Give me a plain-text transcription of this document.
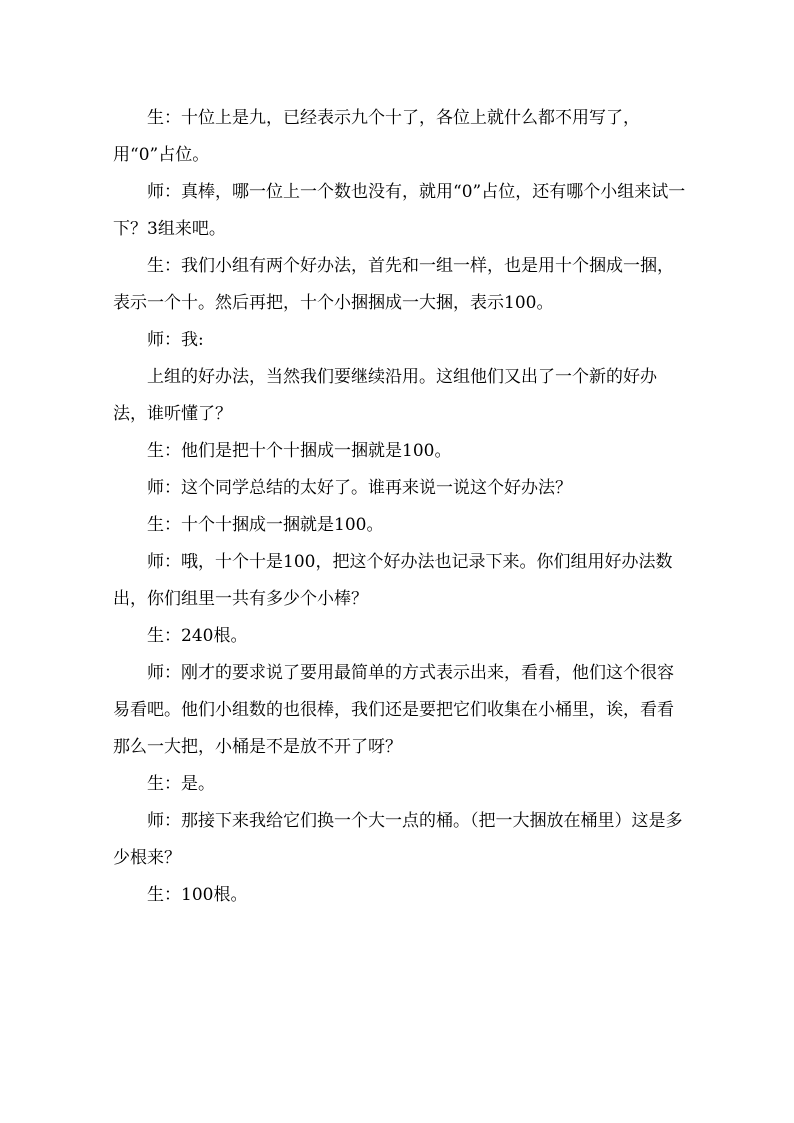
生：十位上是九，已经表示九个十了，各位上就什么都不用写了，用“0”占位。

师：真棒，哪一位上一个数也没有，就用“0”占位，还有哪个小组来试一下？3组来吧。

生：我们小组有两个好办法，首先和一组一样，也是用十个捆成一捆，表示一个十。然后再把，十个小捆捆成一大捆，表示100。

师：我:

上组的好办法，当然我们要继续沿用。这组他们又出了一个新的好办法，谁听懂了？

生：他们是把十个十捆成一捆就是100。

师：这个同学总结的太好了。谁再来说一说这个好办法？

生：十个十捆成一捆就是100。

师：哦，十个十是100，把这个好办法也记录下来。你们组用好办法数出，你们组里一共有多少个小棒？

生：240根。

师：刚才的要求说了要用最简单的方式表示出来，看看，他们这个很容易看吧。他们小组数的也很棒，我们还是要把它们收集在小桶里，诶，看看那么一大把，小桶是不是放不开了呀？

生：是。

师：那接下来我给它们换一个大一点的桶。（把一大捆放在桶里）这是多少根来？

生：100根。
